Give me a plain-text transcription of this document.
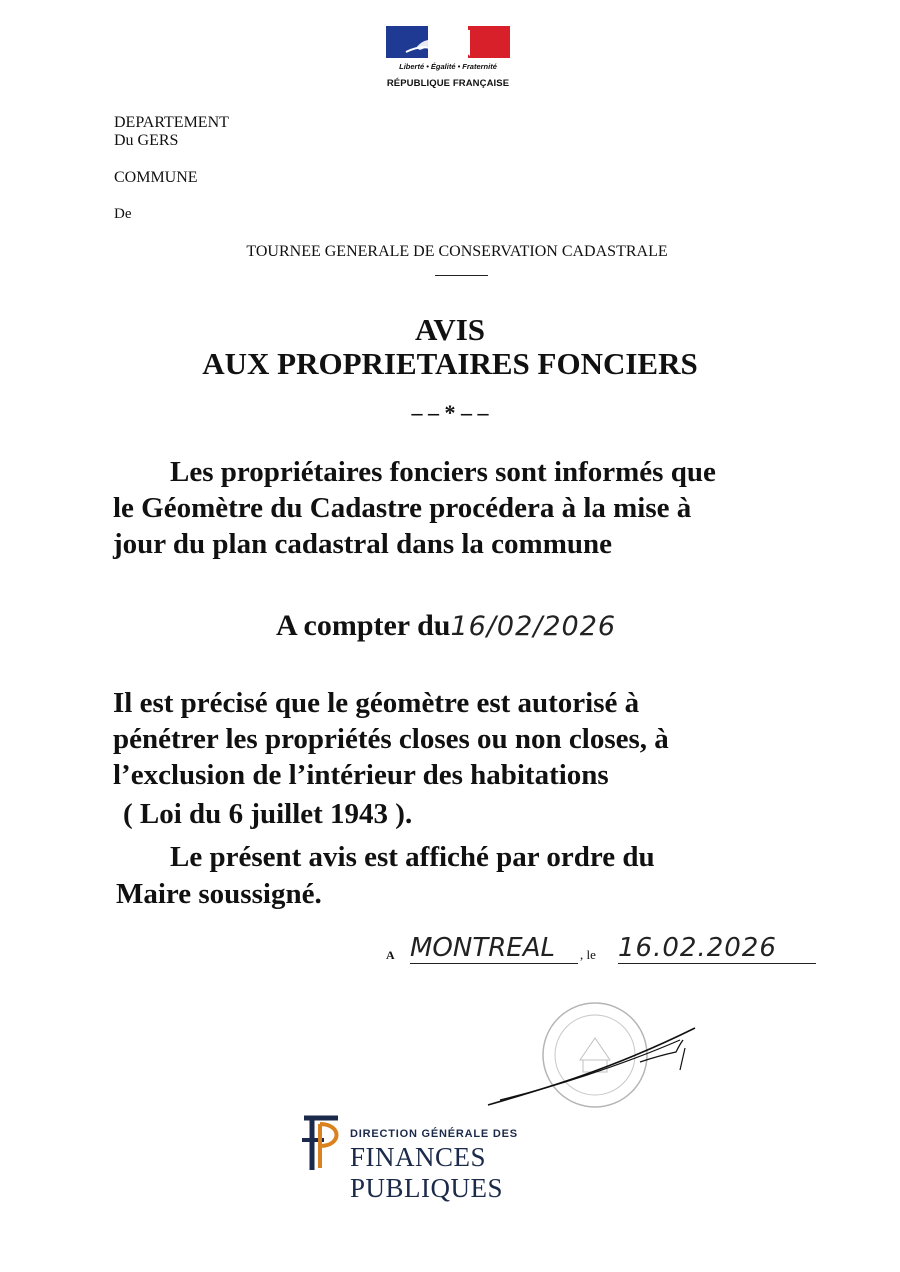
Liberté • Égalité • Fraternité
RÉPUBLIQUE FRANÇAISE
DEPARTEMENT
Du GERS
COMMUNE
De
TOURNEE GENERALE DE CONSERVATION CADASTRALE
AVIS
AUX PROPRIETAIRES FONCIERS
– – * – –
Les propriétaires fonciers sont informés que
le Géomètre du Cadastre procédera à la mise à
jour du plan cadastral dans la commune
A compter du16/02/2026
Il est précisé que le géomètre est autorisé à
pénétrer les propriétés closes ou non closes, à
l’exclusion de l’intérieur des habitations
( Loi du 6 juillet 1943 ).
Le présent avis est affiché par ordre du
Maire soussigné.
A MONTREAL	, le 16.02.2026
DIRECTION GÉNÉRALE DES
FINANCES PUBLIQUES
